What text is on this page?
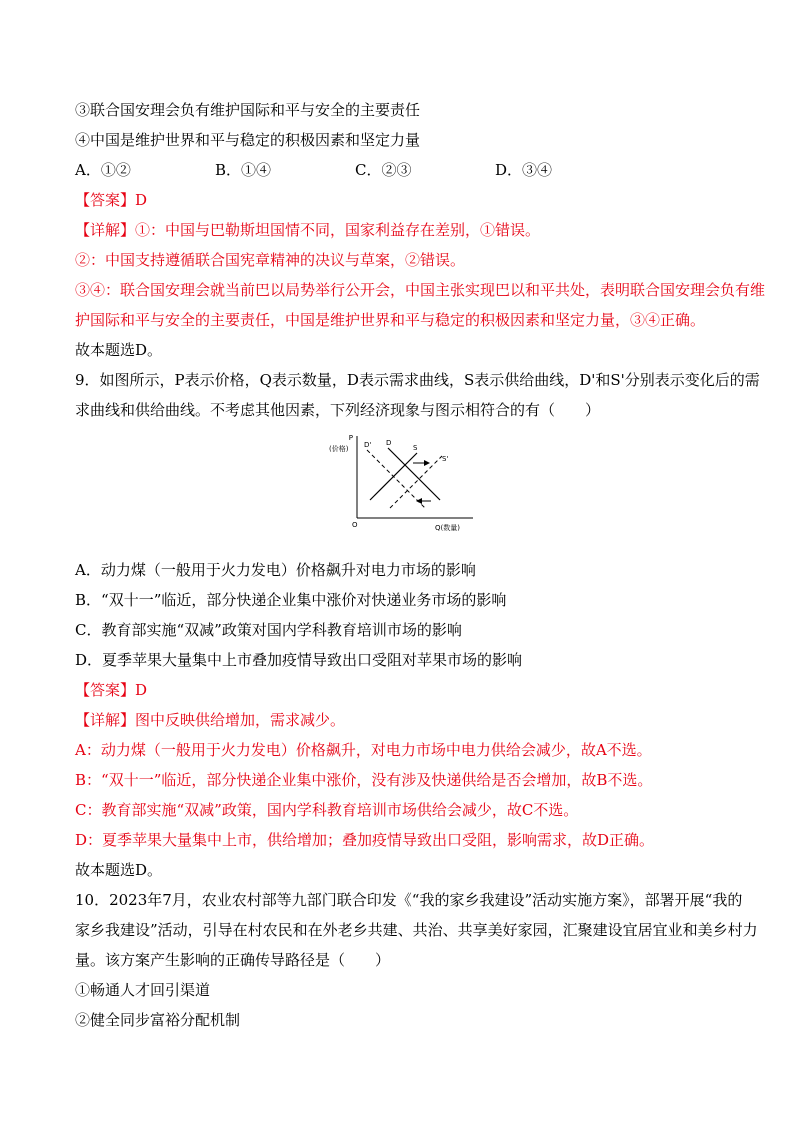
③联合国安理会负有维护国际和平与安全的主要责任
④中国是维护世界和平与稳定的积极因素和坚定力量
A．①②	B．①④	C．②③	D．③④
【答案】D
【详解】①：中国与巴勒斯坦国情不同，国家利益存在差别，①错误。
②：中国支持遵循联合国宪章精神的决议与草案，②错误。
③④：联合国安理会就当前巴以局势举行公开会，中国主张实现巴以和平共处，表明联合国安理会负有维
护国际和平与安全的主要责任，中国是维护世界和平与稳定的积极因素和坚定力量，③④正确。
故本题选D。
9．如图所示，P表示价格，Q表示数量，D表示需求曲线，S表示供给曲线，D'和S'分别表示变化后的需
求曲线和供给曲线。不考虑其他因素，下列经济现象与图示相符合的有（　　）
P
(价格)
O	Q(数量)
D' D
S
S'
A．动力煤（一般用于火力发电）价格飙升对电力市场的影响
B．“双十一”临近，部分快递企业集中涨价对快递业务市场的影响
C．教育部实施“双减”政策对国内学科教育培训市场的影响
D．夏季苹果大量集中上市叠加疫情导致出口受阻对苹果市场的影响
【答案】D
【详解】图中反映供给增加，需求减少。
A：动力煤（一般用于火力发电）价格飙升，对电力市场中电力供给会减少，故A不选。
B：“双十一”临近，部分快递企业集中涨价，没有涉及快递供给是否会增加，故B不选。
C：教育部实施“双减”政策，国内学科教育培训市场供给会减少，故C不选。
D：夏季苹果大量集中上市，供给增加；叠加疫情导致出口受阻，影响需求，故D正确。
故本题选D。
10．2023年7月，农业农村部等九部门联合印发《“我的家乡我建设”活动实施方案》，部署开展“我的
家乡我建设”活动，引导在村农民和在外老乡共建、共治、共享美好家园，汇聚建设宜居宜业和美乡村力
量。该方案产生影响的正确传导路径是（　　）
①畅通人才回引渠道
②健全同步富裕分配机制
